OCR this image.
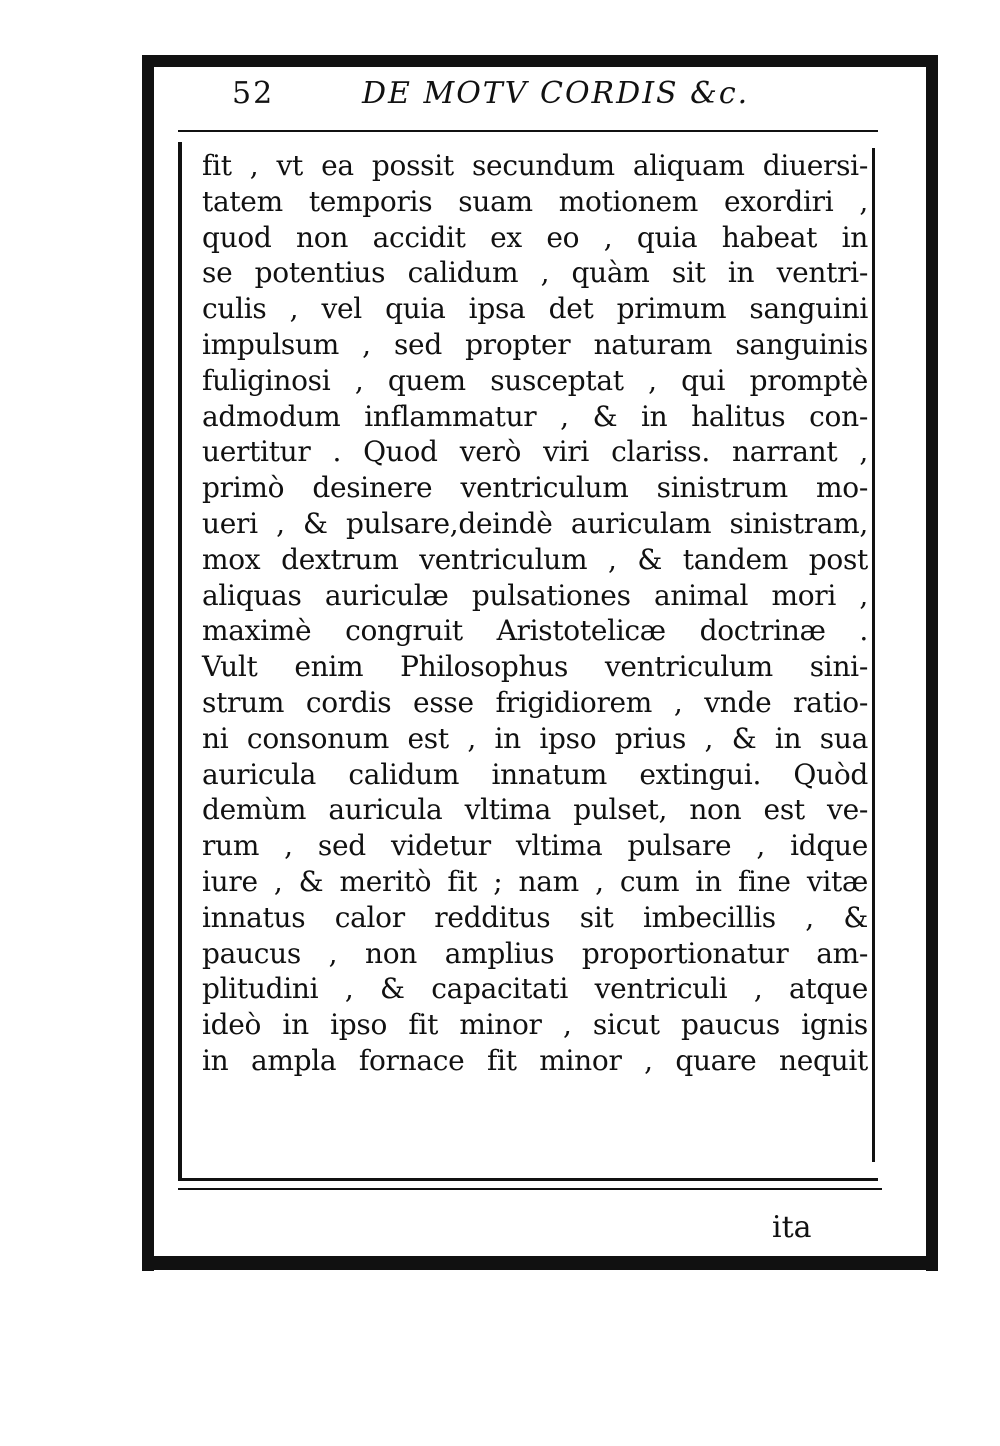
52	DE MOTV CORDIS &c.
fit , vt ea possit secundum aliquam diuersi-
tatem temporis suam motionem exordiri ,
quod non accidit ex eo , quia habeat in
se potentius calidum , quàm sit in ventri-
culis , vel quia ipsa det primum sanguini
impulsum , sed propter naturam sanguinis
fuliginosi , quem susceptat , qui promptè
admodum inflammatur , & in halitus con-
uertitur . Quod verò viri clariss. narrant ,
primò desinere ventriculum sinistrum mo-
ueri , & pulsare,deindè auriculam sinistram,
mox dextrum ventriculum , & tandem post
aliquas auriculæ pulsationes animal mori ,
maximè congruit Aristotelicæ doctrinæ .
Vult enim Philosophus ventriculum sini-
strum cordis esse frigidiorem , vnde ratio-
ni consonum est , in ipso prius , & in sua
auricula calidum innatum extingui. Quòd
demùm auricula vltima pulset, non est ve-
rum , sed videtur vltima pulsare , idque
iure , & meritò fit ; nam , cum in fine vitæ
innatus calor redditus sit imbecillis , &
paucus , non amplius proportionatur am-
plitudini , & capacitati ventriculi , atque
ideò in ipso fit minor , sicut paucus ignis
in ampla fornace fit minor , quare nequit
ita
